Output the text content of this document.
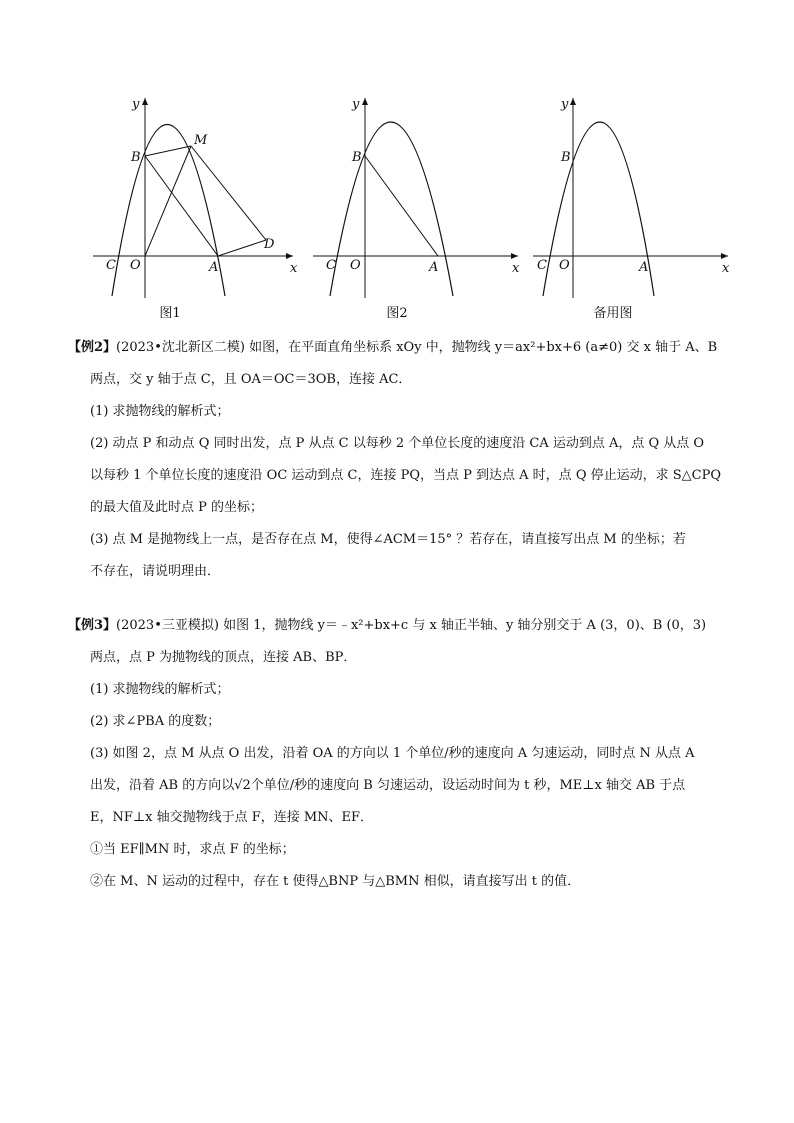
y
x
B
M
D
C O	A
y
x
B
C O	A
y
x
B
C O	A
图1	图2	备用图
【例2】(2023•沈北新区二模) 如图，在平面直角坐标系 xOy 中，抛物线 y＝ax²+bx+6 (a≠0) 交 x 轴于 A、B
两点，交 y 轴于点 C，且 OA＝OC＝3OB，连接 AC．
(1) 求抛物线的解析式；
(2) 动点 P 和动点 Q 同时出发，点 P 从点 C 以每秒 2 个单位长度的速度沿 CA 运动到点 A，点 Q 从点 O
以每秒 1 个单位长度的速度沿 OC 运动到点 C，连接 PQ，当点 P 到达点 A 时，点 Q 停止运动，求 S△CPQ
的最大值及此时点 P 的坐标；
(3) 点 M 是抛物线上一点，是否存在点 M，使得∠ACM＝15° ？若存在，请直接写出点 M 的坐标；若
不存在，请说明理由．
【例3】(2023•三亚模拟) 如图 1，抛物线 y＝﹣x²+bx+c 与 x 轴正半轴、y 轴分别交于 A (3，0)、B (0，3)
两点，点 P 为抛物线的顶点，连接 AB、BP．
(1) 求抛物线的解析式；
(2) 求∠PBA 的度数；
(3) 如图 2，点 M 从点 O 出发，沿着 OA 的方向以 1 个单位/秒的速度向 A 匀速运动，同时点 N 从点 A
出发，沿着 AB 的方向以√2个单位/秒的速度向 B 匀速运动，设运动时间为 t 秒，ME⊥x 轴交 AB 于点
E，NF⊥x 轴交抛物线于点 F，连接 MN、EF．
①当 EF∥MN 时，求点 F 的坐标；
②在 M、N 运动的过程中，存在 t 使得△BNP 与△BMN 相似，请直接写出 t 的值．
